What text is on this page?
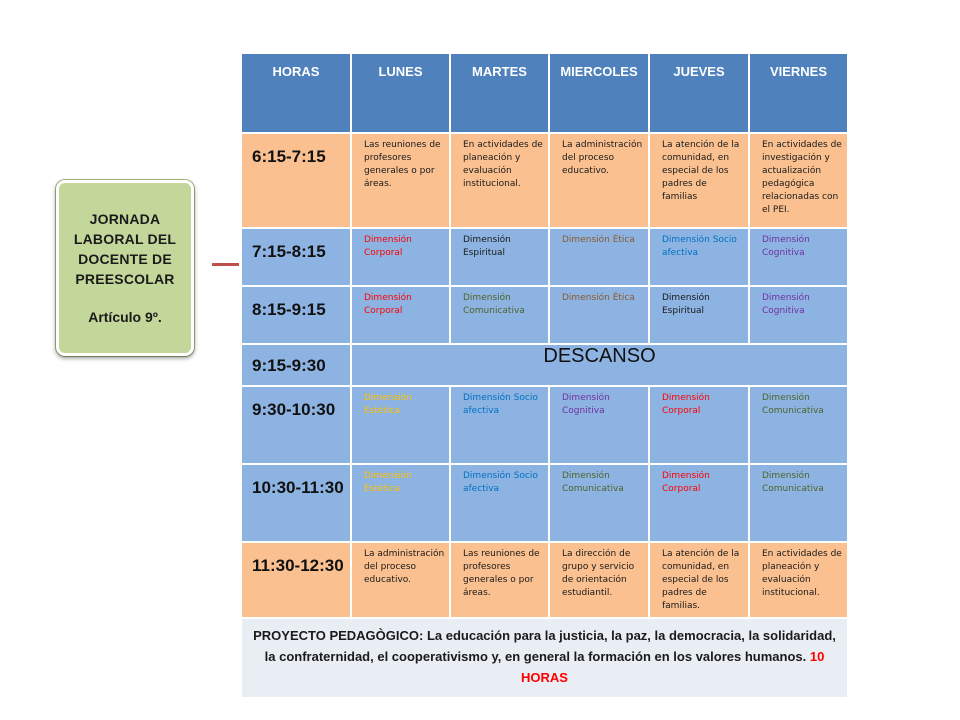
JORNADA
LABORAL DEL
DOCENTE DE
PREESCOLAR
Artículo 9º.
HORAS	LUNES	MARTES	MIERCOLES	JUEVES	VIERNES
6:15-7:15	Las reuniones de profesores generales o por áreas.	En actividades de planeación y evaluación institucional.	La administración del proceso educativo.	La atención de la comunidad, en especial de los padres de familias	En actividades de investigación y actualización pedagógica relacionadas con el PEI.
7:15-8:15	Dimensión Corporal	Dimensión Espiritual	Dimensión Ética	Dimensión Socio afectiva	Dimensión Cognitiva
8:15-9:15	Dimensión Corporal	Dimensión Comunicativa	Dimensión Ética	Dimensión Espiritual	Dimensión Cognitiva
9:15-9:30	DESCANSO				
9:30-10:30	Dimensión Estética	Dimensión Socio afectiva	Dimensión Cognitiva	Dimensión Corporal	Dimensión Comunicativa
10:30-11:30	Dimensión Estética	Dimensión Socio afectiva	Dimensión Comunicativa	Dimensión Corporal	Dimensión Comunicativa
11:30-12:30	La administración del proceso educativo.	Las reuniones de profesores generales o por áreas.	La dirección de grupo y servicio de orientación estudiantil.	La atención de la comunidad, en especial de los padres de familias.	En actividades de planeación y evaluación institucional.
PROYECTO PEDAGÒGICO: La educación para la justicia, la paz, la democracia, la solidaridad, la confraternidad, el cooperativismo y, en general la formación en los valores humanos. 10 HORAS					
